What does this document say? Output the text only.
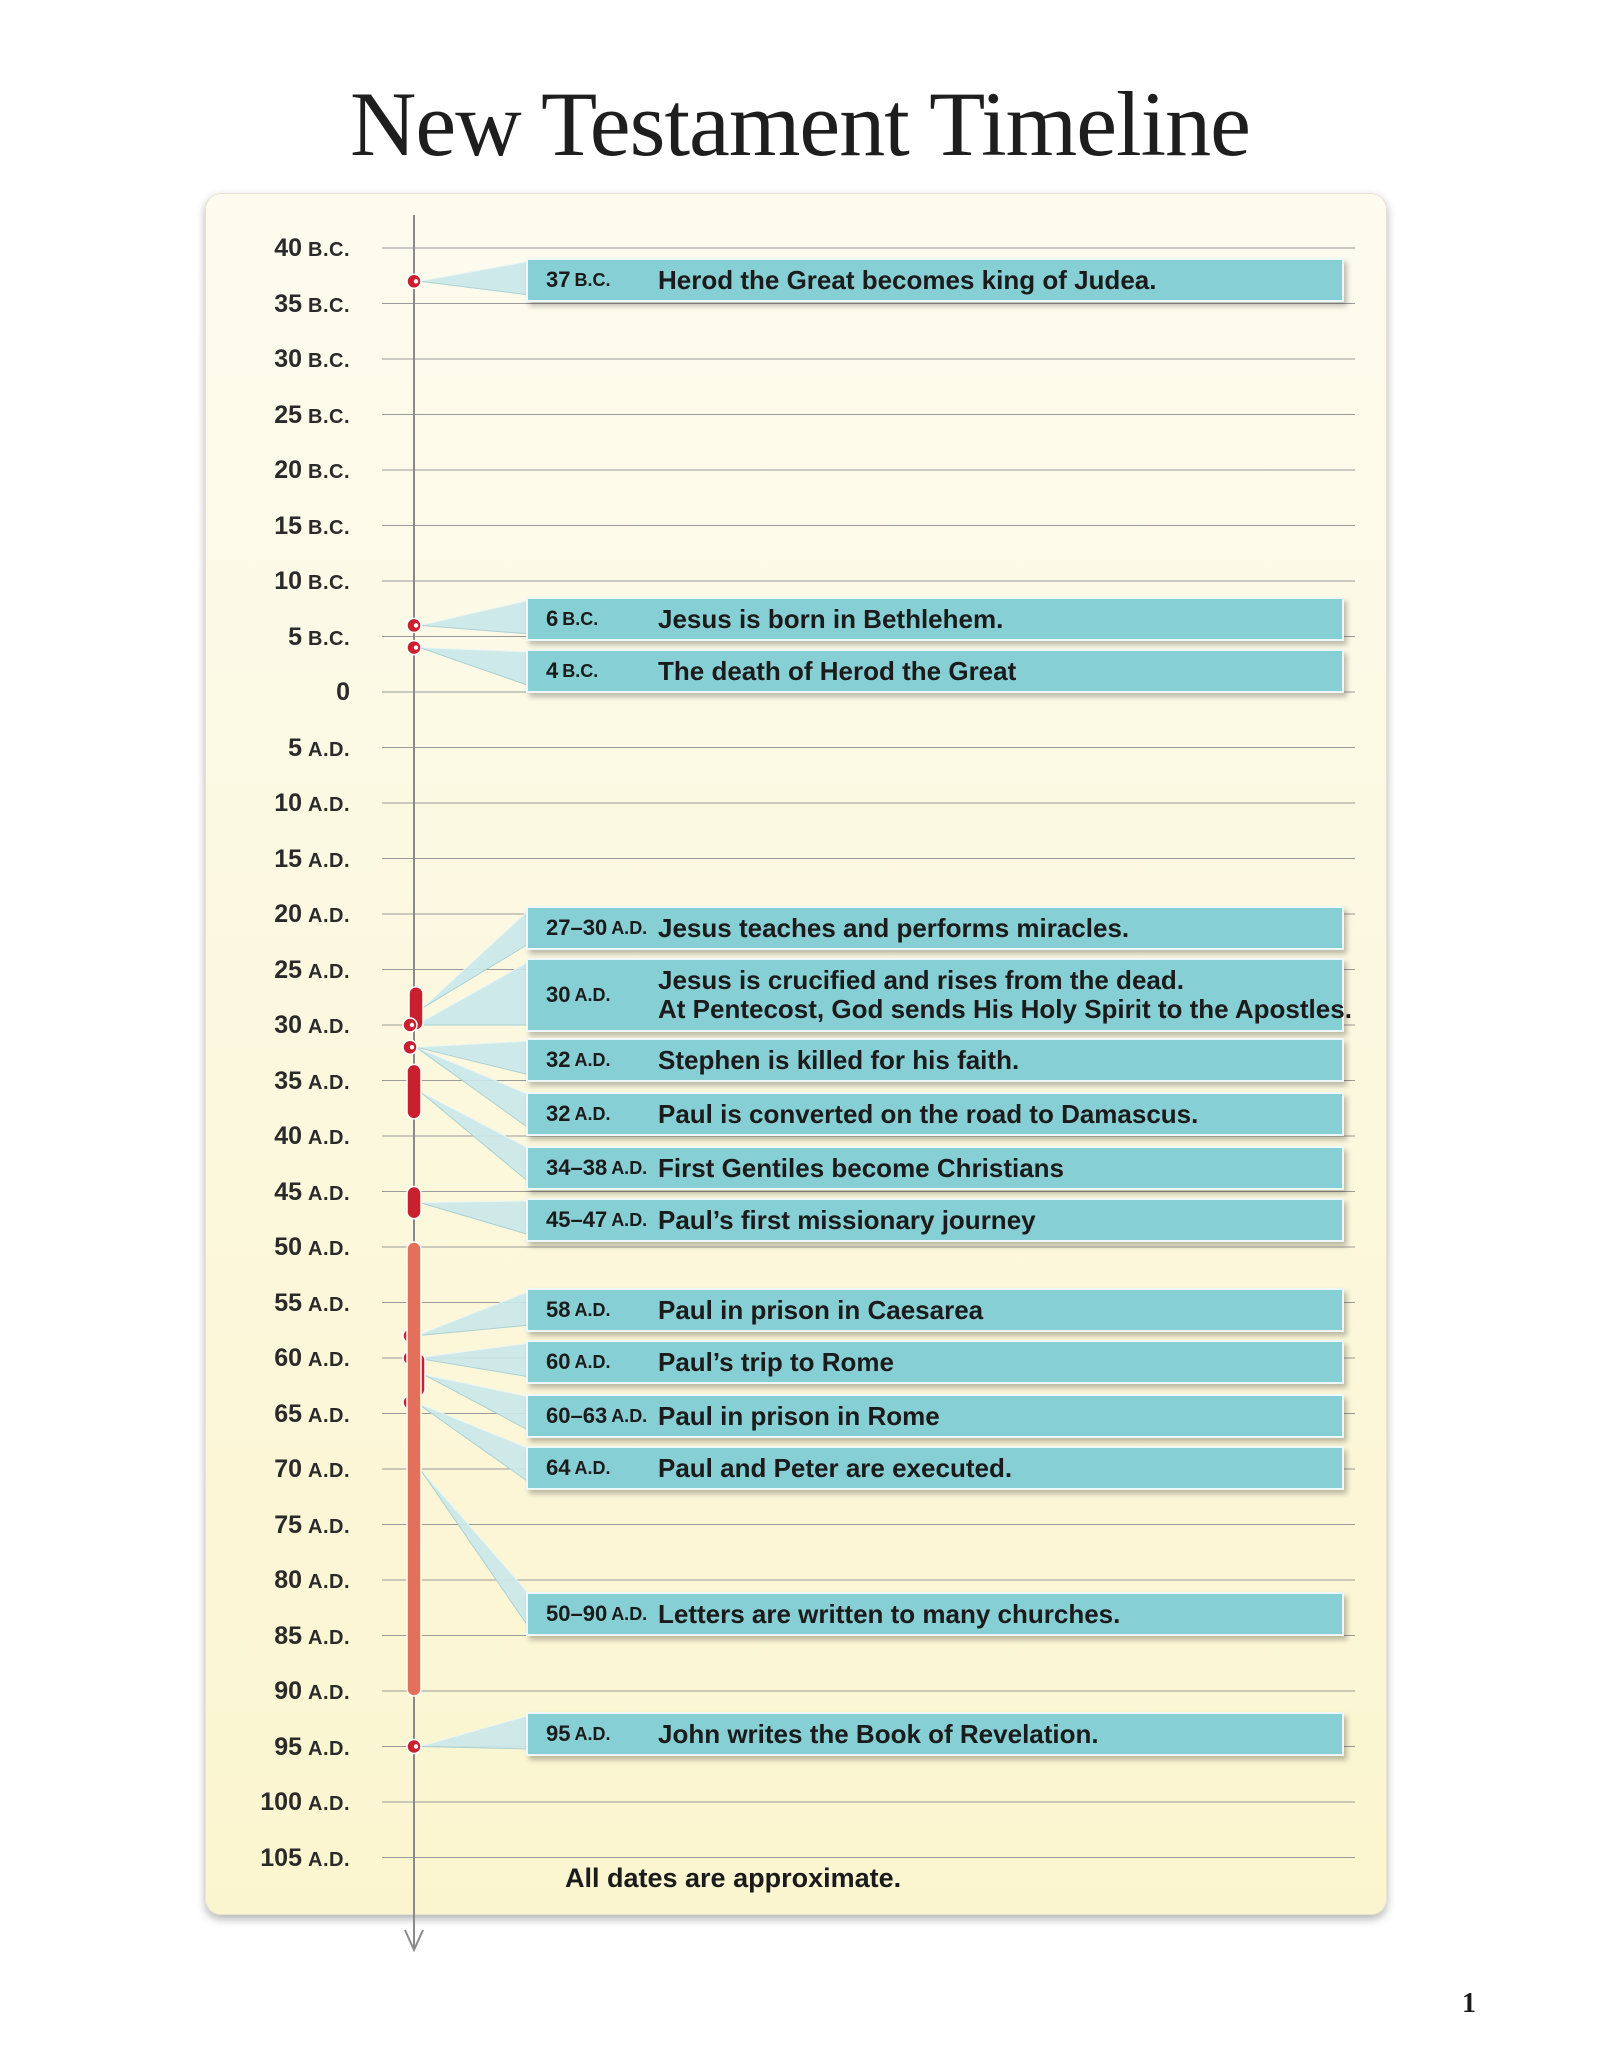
New Testament Timeline
40 B.C.
35 B.C.
30 B.C.
25 B.C.
20 B.C.
15 B.C.
10 B.C.
5 B.C.
0
5 A.D.
10 A.D.
15 A.D.
20 A.D.
25 A.D.
30 A.D.
35 A.D.
40 A.D.
45 A.D.
50 A.D.
55 A.D.
60 A.D.
65 A.D.
70 A.D.
75 A.D.
80 A.D.
85 A.D.
90 A.D.
95 A.D.
100 A.D.
105 A.D.
37 B.C. Herod the Great becomes king of Judea.
6 B.C. Jesus is born in Bethlehem.
4 B.C. The death of Herod the Great
27–30 A.D. Jesus teaches and performs miracles.
30 A.D. Jesus is crucified and rises from the dead.
At Pentecost, God sends His Holy Spirit to the Apostles.
32 A.D. Stephen is killed for his faith.
32 A.D. Paul is converted on the road to Damascus.
34–38 A.D. First Gentiles become Christians
45–47 A.D. Paul’s first missionary journey
58 A.D. Paul in prison in Caesarea
60 A.D. Paul’s trip to Rome
60–63 A.D. Paul in prison in Rome
64 A.D. Paul and Peter are executed.
50–90 A.D. Letters are written to many churches.
95 A.D. John writes the Book of Revelation.
All dates are approximate.
1
